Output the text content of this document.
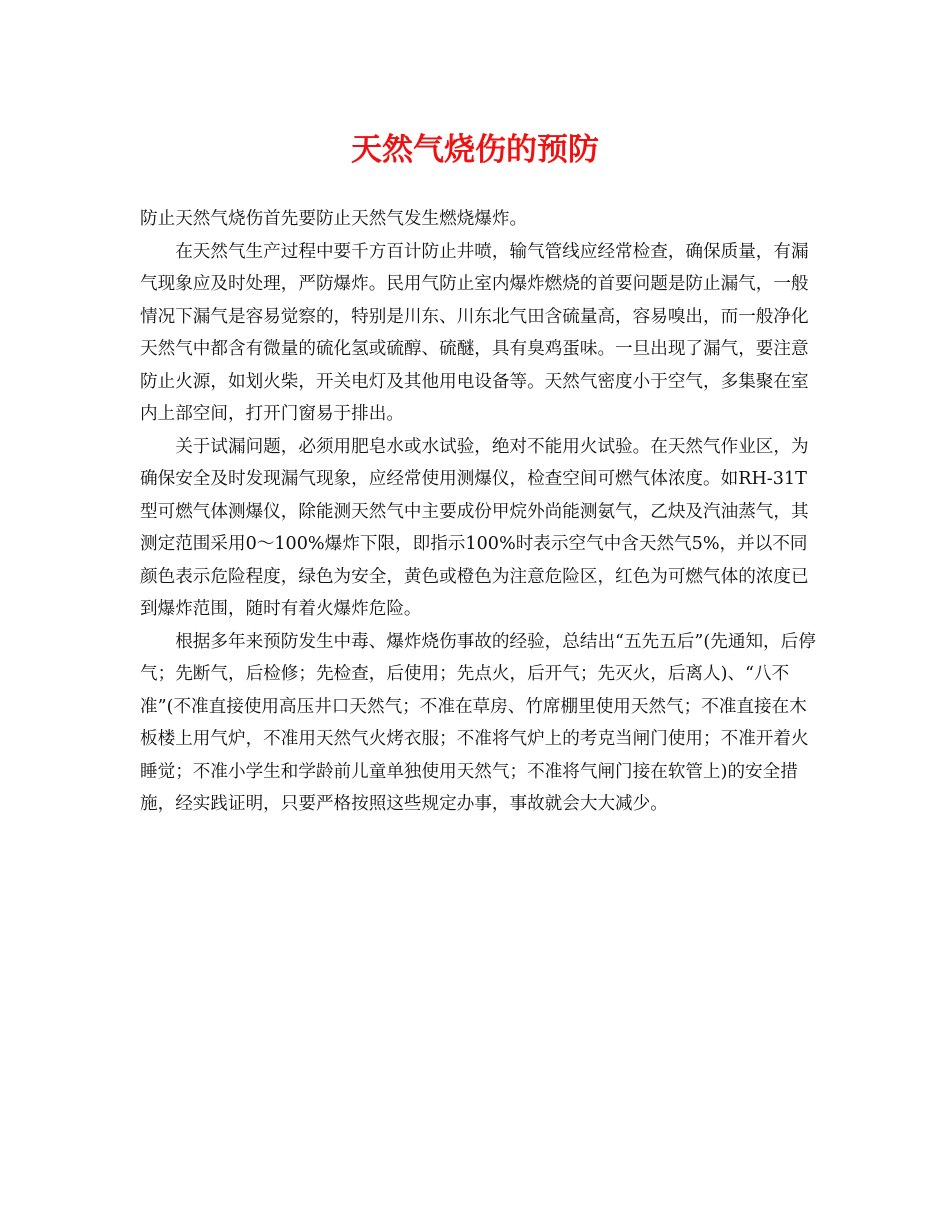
天然气烧伤的预防

防止天然气烧伤首先要防止天然气发生燃烧爆炸。

在天然气生产过程中要千方百计防止井喷，输气管线应经常检查，确保质量，有漏气现象应及时处理，严防爆炸。民用气防止室内爆炸燃烧的首要问题是防止漏气，一般情况下漏气是容易觉察的，特别是川东、川东北气田含硫量高，容易嗅出，而一般净化天然气中都含有微量的硫化氢或硫醇、硫醚，具有臭鸡蛋味。一旦出现了漏气，要注意防止火源，如划火柴，开关电灯及其他用电设备等。天然气密度小于空气，多集聚在室内上部空间，打开门窗易于排出。

关于试漏问题，必须用肥皂水或水试验，绝对不能用火试验。在天然气作业区，为确保安全及时发现漏气现象，应经常使用测爆仪，检查空间可燃气体浓度。如RH-31T型可燃气体测爆仪，除能测天然气中主要成份甲烷外尚能测氨气，乙炔及汽油蒸气，其测定范围采用0～100%爆炸下限，即指示100%时表示空气中含天然气5%，并以不同颜色表示危险程度，绿色为安全，黄色或橙色为注意危险区，红色为可燃气体的浓度已到爆炸范围，随时有着火爆炸危险。

根据多年来预防发生中毒、爆炸烧伤事故的经验，总结出“五先五后”(先通知，后停气；先断气，后检修；先检查，后使用；先点火，后开气；先灭火，后离人)、“八不准”(不准直接使用高压井口天然气；不准在草房、竹席棚里使用天然气；不准直接在木板楼上用气炉，不准用天然气火烤衣服；不准将气炉上的考克当闸门使用；不准开着火睡觉；不准小学生和学龄前儿童单独使用天然气；不准将气闸门接在软管上)的安全措施，经实践证明，只要严格按照这些规定办事，事故就会大大减少。
